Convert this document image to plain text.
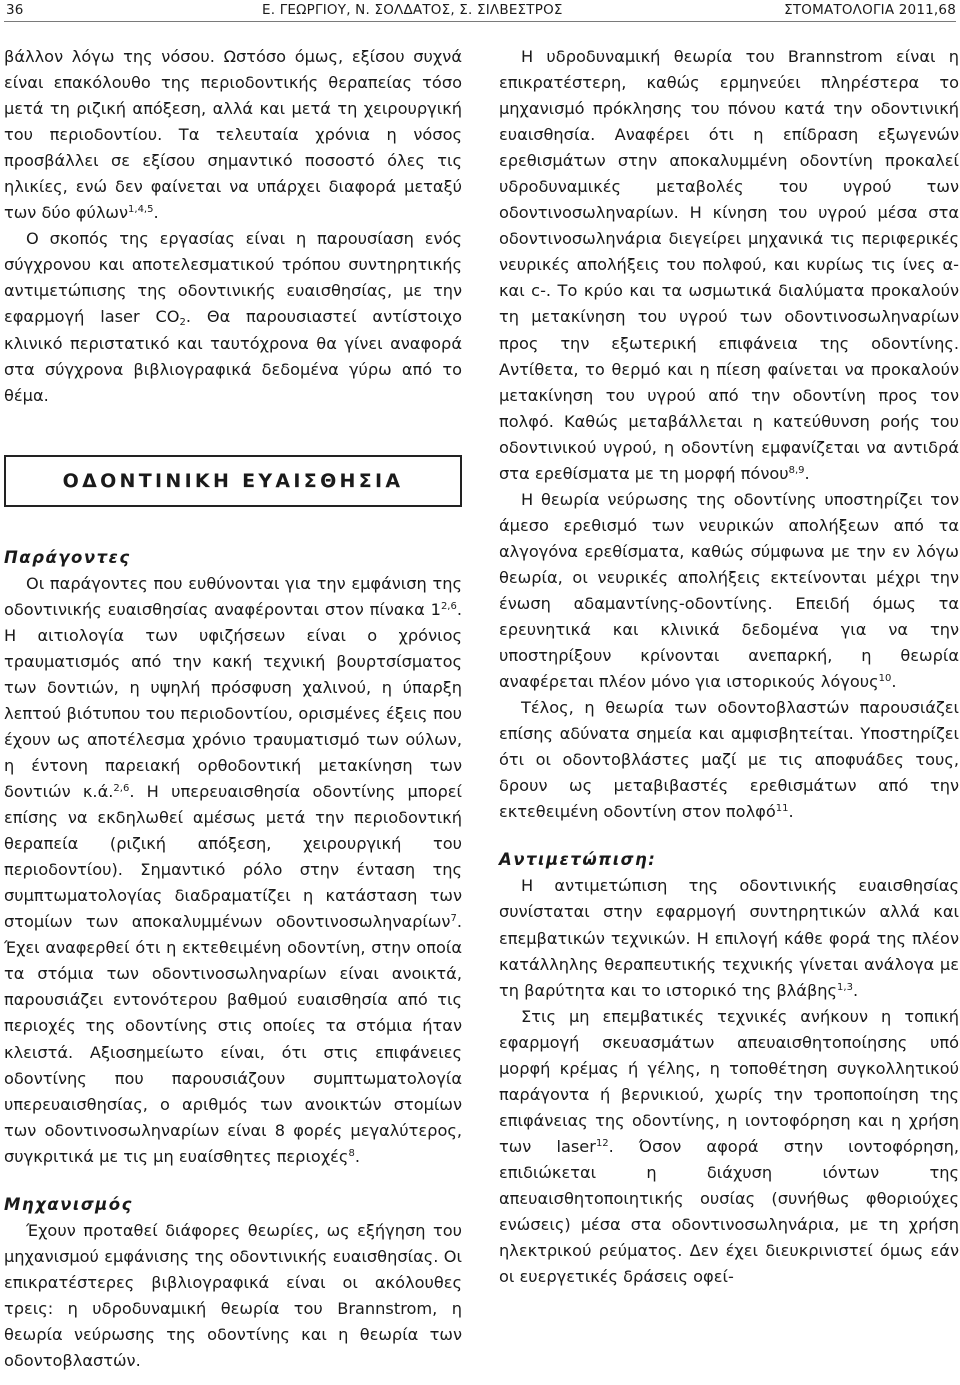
36	Ε. ΓΕΩΡΓΙΟΥ, Ν. ΣΟΛΔΑΤΟΣ, Σ. ΣΙΛΒΕΣΤΡΟΣ	ΣΤΟΜΑΤΟΛΟΓΙΑ 2011,68

βάλλον λόγω της νόσου. Ωστόσο όμως, εξίσου συχνά είναι επακόλουθο της περιοδοντικής θεραπείας τόσο μετά τη ριζική απόξεση, αλλά και μετά τη χειρουργική του περιοδοντίου. Τα τελευταία χρόνια η νόσος προσβάλλει σε εξίσου σημαντικό ποσοστό όλες τις ηλικίες, ενώ δεν φαίνεται να υπάρχει διαφορά μεταξύ των δύο φύλων$^{1,4,5}$.

Ο σκοπός της εργασίας είναι η παρουσίαση ενός σύγχρονου και αποτελεσματικού τρόπου συντηρητικής αντιμετώπισης της οδοντινικής ευαισθησίας, με την εφαρμογή laser $CO_2$. Θα παρουσιαστεί αντίστοιχο κλινικό περιστατικό και ταυτόχρονα θα γίνει αναφορά στα σύγχρονα βιβλιογραφικά δεδομένα γύρω από το θέμα.

ΟΔΟΝΤΙΝΙΚΗ ΕΥΑΙΣΘΗΣΙΑ

Παράγοντες

Οι παράγοντες που ευθύνονται για την εμφάνιση της οδοντινικής ευαισθησίας αναφέρονται στον πίνακα 1$^{2,6}$. Η αιτιολογία των υφιζήσεων είναι ο χρόνιος τραυματισμός από την κακή τεχνική βουρτσίσματος των δοντιών, η υψηλή πρόσφυση χαλινού, η ύπαρξη λεπτού βιότυπου του περιοδοντίου, ορισμένες έξεις που έχουν ως αποτέλεσμα χρόνιο τραυματισμό των ούλων, η έντονη παρειακή ορθοδοντική μετακίνηση των δοντιών κ.ά.$^{2,6}$. Η υπερευαισθησία οδοντίνης μπορεί επίσης να εκδηλωθεί αμέσως μετά την περιοδοντική θεραπεία (ριζική απόξεση, χειρουργική του περιοδοντίου). Σημαντικό ρόλο στην ένταση της συμπτωματολογίας διαδραματίζει η κατάσταση των στομίων των αποκαλυμμένων οδοντινοσωληναρίων$^7$. Έχει αναφερθεί ότι η εκτεθειμένη οδοντίνη, στην οποία τα στόμια των οδοντινοσωληναρίων είναι ανοικτά, παρουσιάζει εντονότερου βαθμού ευαισθησία από τις περιοχές της οδοντίνης στις οποίες τα στόμια ήταν κλειστά. Αξιοσημείωτο είναι, ότι στις επιφάνειες οδοντίνης που παρουσιάζουν συμπτωματολογία υπερευαισθησίας, ο αριθμός των ανοικτών στομίων των οδοντινοσωληναρίων είναι 8 φορές μεγαλύτερος, συγκριτικά με τις μη ευαίσθητες περιοχές$^8$.

Μηχανισμός

Έχουν προταθεί διάφορες θεωρίες, ως εξήγηση του μηχανισμού εμφάνισης της οδοντινικής ευαισθησίας. Οι επικρατέστερες βιβλιογραφικά είναι οι ακόλουθες τρεις: η υδροδυναμική θεωρία του Brannstrom, η θεωρία νεύρωσης της οδοντίνης και η θεωρία των οδοντοβλαστών.

Η υδροδυναμική θεωρία του Brannstrom είναι η επικρατέστερη, καθώς ερμηνεύει πληρέστερα το μηχανισμό πρόκλησης του πόνου κατά την οδοντινική ευαισθησία. Αναφέρει ότι η επίδραση εξωγενών ερεθισμάτων στην αποκαλυμμένη οδοντίνη προκαλεί υδροδυναμικές μεταβολές του υγρού των οδοντινοσωληναρίων. Η κίνηση του υγρού μέσα στα οδοντινοσωληνάρια διεγείρει μηχανικά τις περιφερικές νευρικές απολήξεις του πολφού, και κυρίως τις ίνες α- και c-. Το κρύο και τα ωσμωτικά διαλύματα προκαλούν τη μετακίνηση του υγρού των οδοντινοσωληναρίων προς την εξωτερική επιφάνεια της οδοντίνης. Αντίθετα, το θερμό και η πίεση φαίνεται να προκαλούν μετακίνηση του υγρού από την οδοντίνη προς τον πολφό. Καθώς μεταβάλλεται η κατεύθυνση ροής του οδοντινικού υγρού, η οδοντίνη εμφανίζεται να αντιδρά στα ερεθίσματα με τη μορφή πόνου$^{8,9}$.

Η θεωρία νεύρωσης της οδοντίνης υποστηρίζει τον άμεσο ερεθισμό των νευρικών απολήξεων από τα αλγογόνα ερεθίσματα, καθώς σύμφωνα με την εν λόγω θεωρία, οι νευρικές απολήξεις εκτείνονται μέχρι την ένωση αδαμαντίνης-οδοντίνης. Επειδή όμως τα ερευνητικά και κλινικά δεδομένα για να την υποστηρίξουν κρίνονται ανεπαρκή, η θεωρία αναφέρεται πλέον μόνο για ιστορικούς λόγους$^{10}$.

Τέλος, η θεωρία των οδοντοβλαστών παρουσιάζει επίσης αδύνατα σημεία και αμφισβητείται. Υποστηρίζει ότι οι οδοντοβλάστες μαζί με τις αποφυάδες τους, δρουν ως μεταβιβαστές ερεθισμάτων από την εκτεθειμένη οδοντίνη στον πολφό$^{11}$.

Αντιμετώπιση:

Η αντιμετώπιση της οδοντινικής ευαισθησίας συνίσταται στην εφαρμογή συντηρητικών αλλά και επεμβατικών τεχνικών. Η επιλογή κάθε φορά της πλέον κατάλληλης θεραπευτικής τεχνικής γίνεται ανάλογα με τη βαρύτητα και το ιστορικό της βλάβης$^{1,3}$.

Στις μη επεμβατικές τεχνικές ανήκουν η τοπική εφαρμογή σκευασμάτων απευαισθητοποίησης υπό μορφή κρέμας ή γέλης, η τοποθέτηση συγκολλητικού παράγοντα ή βερνικιού, χωρίς την τροποποίηση της επιφάνειας της οδοντίνης, η ιοντοφόρηση και η χρήση των laser$^{12}$. Όσον αφορά στην ιοντοφόρηση, επιδιώκεται η διάχυση ιόντων της απευαισθητοποιητικής ουσίας (συνήθως φθοριούχες ενώσεις) μέσα στα οδοντινοσωληνάρια, με τη χρήση ηλεκτρικού ρεύματος. Δεν έχει διευκρινιστεί όμως εάν οι ευεργετικές δράσεις οφεί-
